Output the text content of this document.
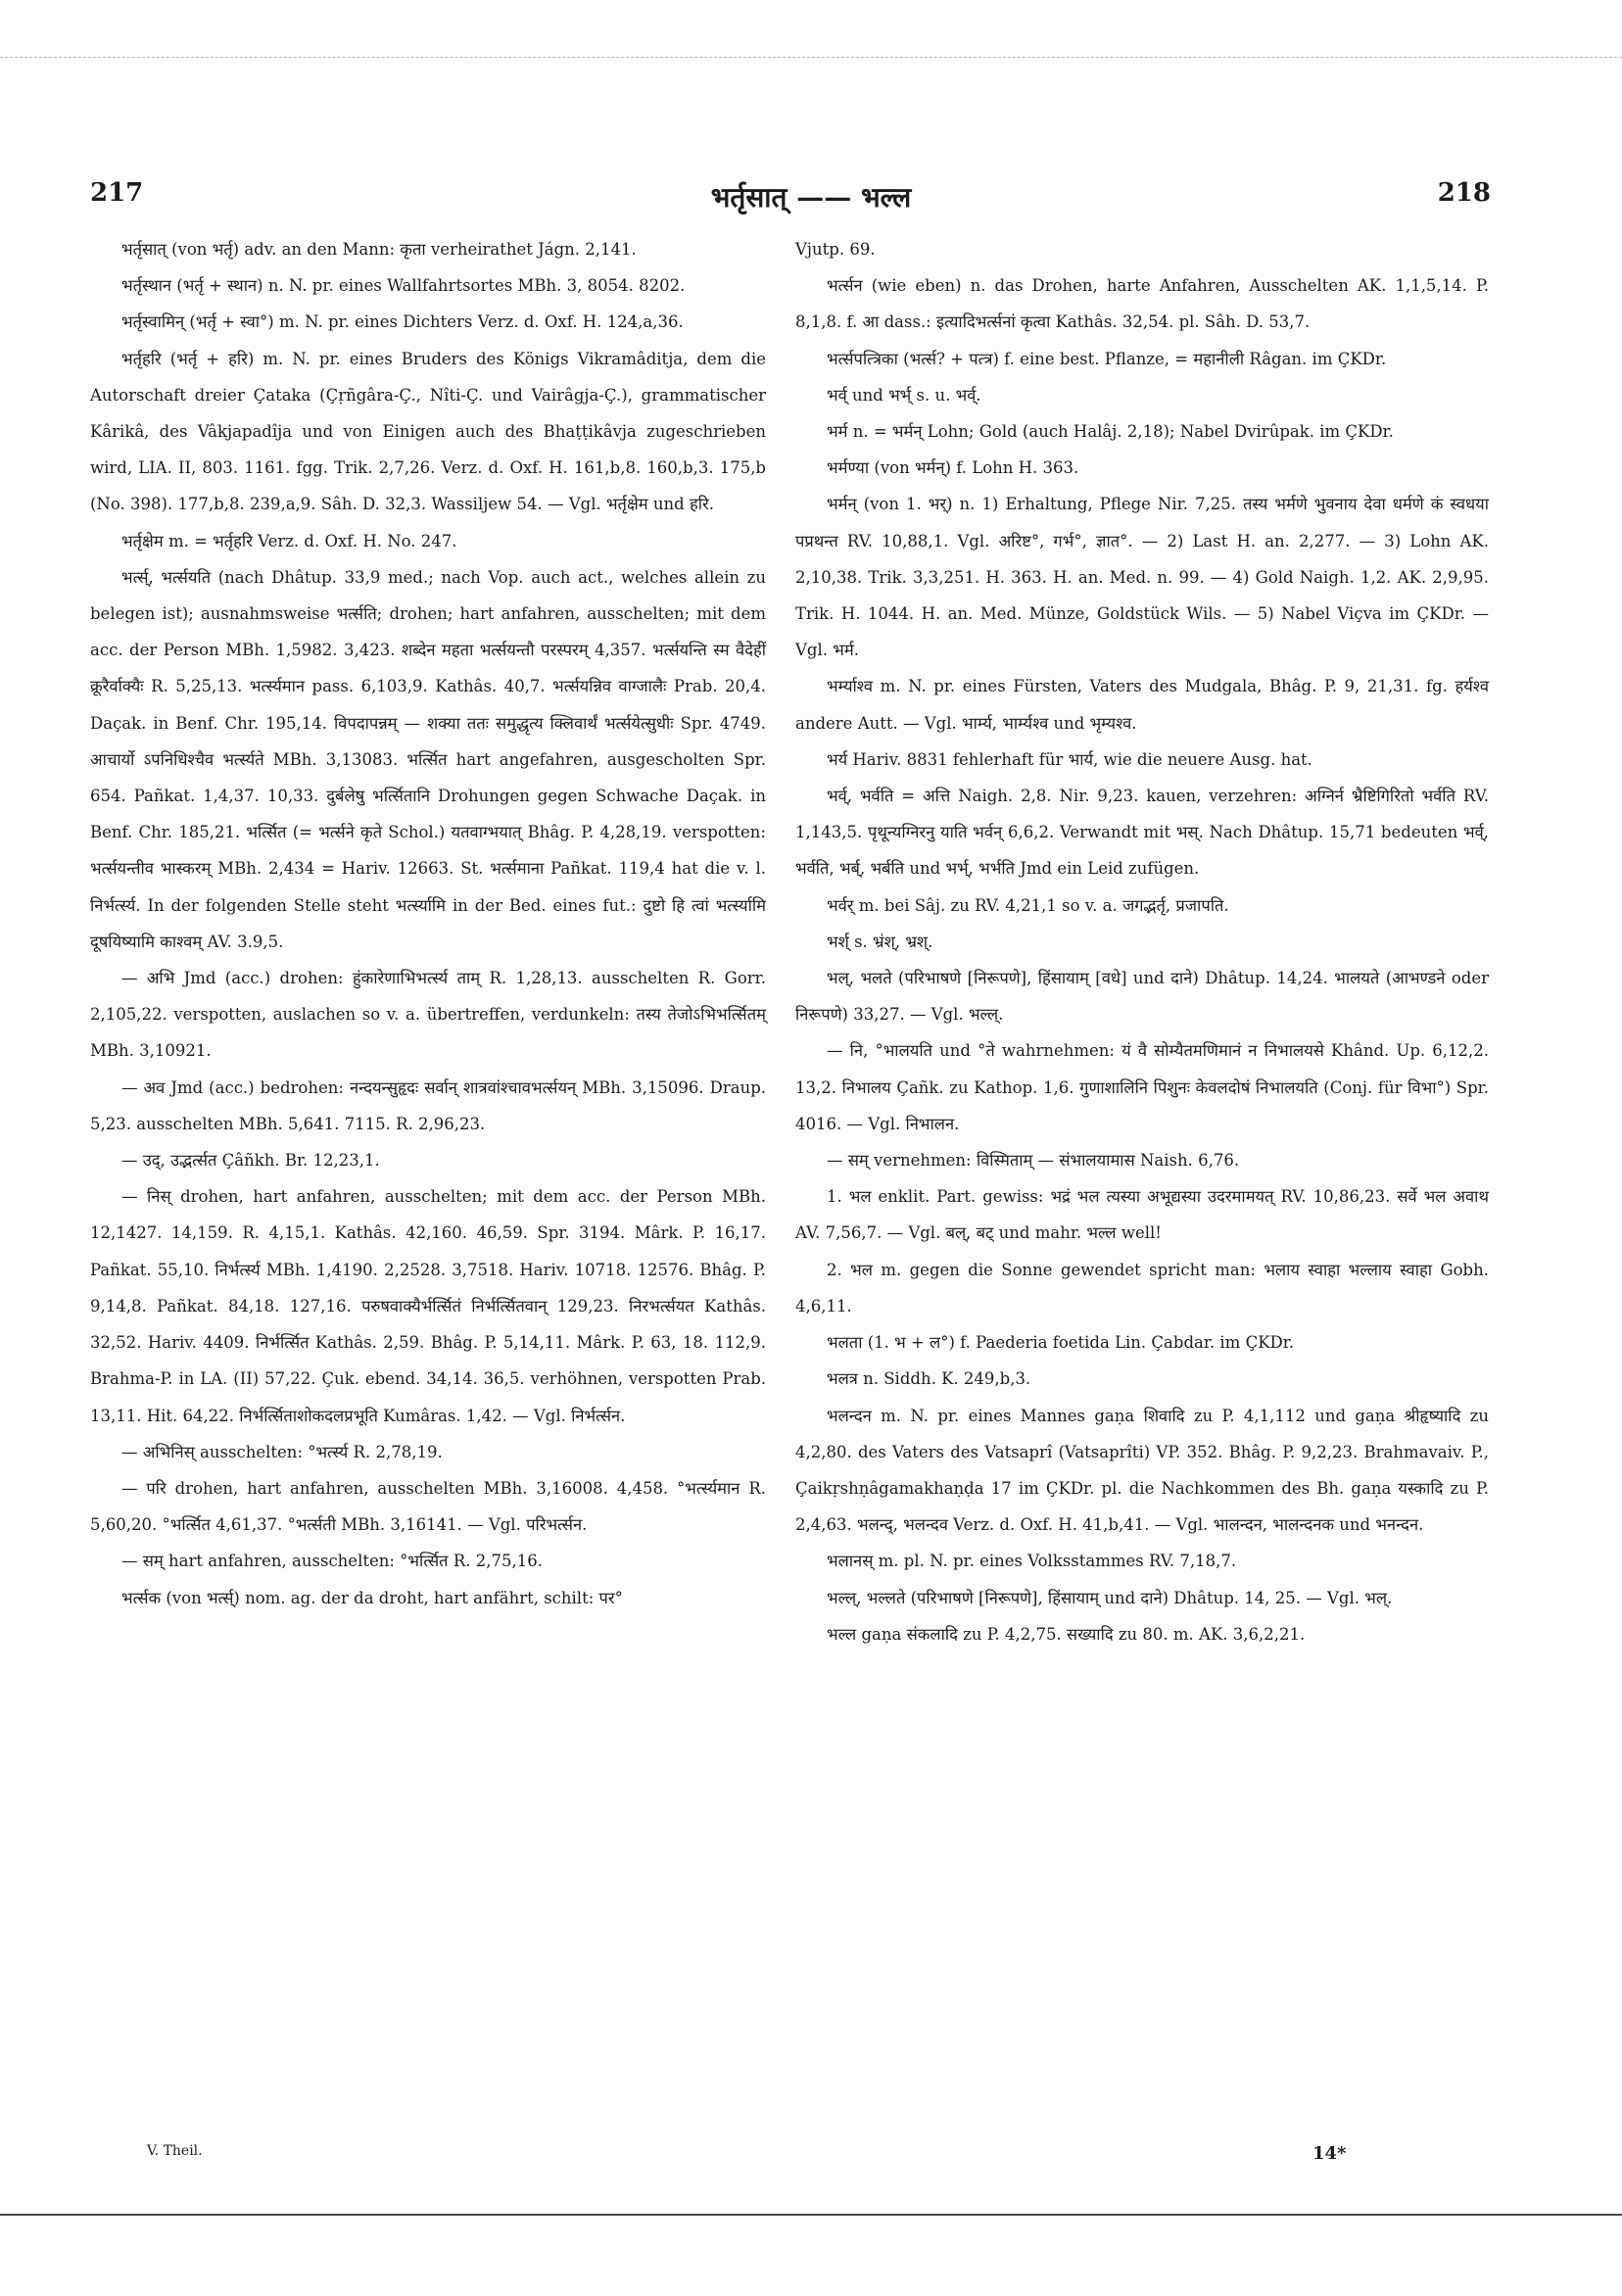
217	भर्तृसात् —— भल्ल	218

भर्तृसात् (von भर्तृ) adv. an den Mann: कृता verheirathet Jágn. 2,141.

भर्तृस्थान (भर्तृ + स्थान) n. N. pr. eines Wallfahrtsortes MBh. 3, 8054. 8202.

भर्तृस्वामिन् (भर्तृ + स्वा°) m. N. pr. eines Dichters Verz. d. Oxf. H. 124,a,36.

भर्तृहरि (भर्तृ + हरि) m. N. pr. eines Bruders des Königs Vikramâditja, dem die Autorschaft dreier Çataka (Çṛñgâra-Ç., Nîti-Ç. und Vairâgja-Ç.), grammatischer Kârikâ, des Vâkjapadîja und von Einigen auch des Bhaṭṭikâvja zugeschrieben wird, LIA. II, 803. 1161. fgg. Trik. 2,7,26. Verz. d. Oxf. H. 161,b,8. 160,b,3. 175,b (No. 398). 177,b,8. 239,a,9. Sâh. D. 32,3. Wassiljew 54. — Vgl. भर्तृक्षेम und हरि.

भर्तृक्षेम m. = भर्तृहरि Verz. d. Oxf. H. No. 247.

भर्त्स्, भर्त्सयति (nach Dhâtup. 33,9 med.; nach Vop. auch act., welches allein zu belegen ist); ausnahmsweise भर्त्सति; drohen; hart anfahren, ausschelten; mit dem acc. der Person MBh. 1,5982. 3,423. शब्देन महता भर्त्सयन्तौ परस्परम् 4,357. भर्त्सयन्ति स्म वैदेहीं क्रूरैर्वाक्यैः R. 5,25,13. भर्त्स्यमान pass. 6,103,9. Kathâs. 40,7. भर्त्सयन्निव वाग्जालैः Prab. 20,4. Daçak. in Benf. Chr. 195,14. विपदापन्नम् — शक्या ततः समुद्धृत्य क्लिवार्थं भर्त्सयेत्सुधीः Spr. 4749. आचार्यो ऽपनिधिश्चैव भर्त्स्यते MBh. 3,13083. भर्त्सित hart angefahren, ausgescholten Spr. 654. Pañkat. 1,4,37. 10,33. दुर्बलेषु भर्त्सितानि Drohungen gegen Schwache Daçak. in Benf. Chr. 185,21. भर्त्सित (= भर्त्सने कृते Schol.) यतवाग्भयात् Bhâg. P. 4,28,19. verspotten: भर्त्सयन्तीव भास्करम् MBh. 2,434 = Hariv. 12663. St. भर्त्समाना Pañkat. 119,4 hat die v. l. निर्भर्त्स्य. In der folgenden Stelle steht भर्त्स्यामि in der Bed. eines fut.: दुष्टो हि त्वां भर्त्स्यामि दूषयिष्यामि काश्वम् AV. 3.9,5.

— अभि Jmd (acc.) drohen: हुंकारेणाभिभर्त्स्य ताम् R. 1,28,13. ausschelten R. Gorr. 2,105,22. verspotten, auslachen so v. a. übertreffen, verdunkeln: तस्य तेजोऽभिभर्त्सितम् MBh. 3,10921.

— अव Jmd (acc.) bedrohen: नन्दयन्सुहृदः सर्वान् शात्रवांश्चावभर्त्सयन् MBh. 3,15096. Draup. 5,23. ausschelten MBh. 5,641. 7115. R. 2,96,23.

— उद्, उद्भर्त्सत Çâñkh. Br. 12,23,1.

— निस् drohen, hart anfahren, ausschelten; mit dem acc. der Person MBh. 12,1427. 14,159. R. 4,15,1. Kathâs. 42,160. 46,59. Spr. 3194. Mârk. P. 16,17. Pañkat. 55,10. निर्भर्त्स्य MBh. 1,4190. 2,2528. 3,7518. Hariv. 10718. 12576. Bhâg. P. 9,14,8. Pañkat. 84,18. 127,16. परुषवाक्यैर्भर्त्सितं निर्भर्त्सितवान् 129,23. निरभर्त्सयत Kathâs. 32,52. Hariv. 4409. निर्भर्त्सित Kathâs. 2,59. Bhâg. P. 5,14,11. Mârk. P. 63, 18. 112,9. Brahma-P. in LA. (II) 57,22. Çuk. ebend. 34,14. 36,5. verhöhnen, verspotten Prab. 13,11. Hit. 64,22. निर्भर्त्सिताशोकदलप्रभूति Kumâras. 1,42. — Vgl. निर्भर्त्सन.

— अभिनिस् ausschelten: °भर्त्स्य R. 2,78,19.

— परि drohen, hart anfahren, ausschelten MBh. 3,16008. 4,458. °भर्त्स्यमान R. 5,60,20. °भर्त्सित 4,61,37. °भर्त्सती MBh. 3,16141. — Vgl. परिभर्त्सन.

— सम् hart anfahren, ausschelten: °भर्त्सित R. 2,75,16.

भर्त्सक (von भर्त्स्) nom. ag. der da droht, hart anfährt, schilt: पर°

Vjutp. 69.

भर्त्सन (wie eben) n. das Drohen, harte Anfahren, Ausschelten AK. 1,1,5,14. P. 8,1,8. f. आ dass.: इत्यादिभर्त्सनां कृत्वा Kathâs. 32,54. pl. Sâh. D. 53,7.

भर्त्सपत्त्रिका (भर्त्स? + पत्त्र) f. eine best. Pflanze, = महानीली Râgan. im ÇKDr.

भर्व् und भर्भ् s. u. भर्व्.

भर्म n. = भर्मन् Lohn; Gold (auch Halâj. 2,18); Nabel Dvirûpak. im ÇKDr.

भर्मण्या (von भर्मन्) f. Lohn H. 363.

भर्मन् (von 1. भर्) n. 1) Erhaltung, Pflege Nir. 7,25. तस्य भर्मणे भुवनाय देवा धर्मणे कं स्वधया पप्रथन्त RV. 10,88,1. Vgl. अरिष्ट°, गर्भ°, ज्ञात°. — 2) Last H. an. 2,277. — 3) Lohn AK. 2,10,38. Trik. 3,3,251. H. 363. H. an. Med. n. 99. — 4) Gold Naigh. 1,2. AK. 2,9,95. Trik. H. 1044. H. an. Med. Münze, Goldstück Wils. — 5) Nabel Viçva im ÇKDr. — Vgl. भर्म.

भर्म्याश्व m. N. pr. eines Fürsten, Vaters des Mudgala, Bhâg. P. 9, 21,31. fg. हर्यश्व andere Autt. — Vgl. भार्म्य, भार्म्यश्व und भृम्यश्व.

भर्य Hariv. 8831 fehlerhaft für भार्य, wie die neuere Ausg. hat.

भर्व्, भर्वति = अत्ति Naigh. 2,8. Nir. 9,23. kauen, verzehren: अग्निर्न भ्रैष्टिगिरितो भर्वति RV. 1,143,5. पृथून्यग्निरनु याति भर्वन् 6,6,2. Verwandt mit भस्. Nach Dhâtup. 15,71 bedeuten भर्व्, भर्वति, भर्ब्, भर्बति und भर्भ्, भर्भति Jmd ein Leid zufügen.

भर्वर् m. bei Sâj. zu RV. 4,21,1 so v. a. जगद्भर्तृ, प्रजापति.

भर्श् s. भ्रंश्, भ्रश्.

भल्, भलते (परिभाषणे [निरूपणे], हिंसायाम् [वधे] und दाने) Dhâtup. 14,24. भालयते (आभण्डने oder निरूपणे) 33,27. — Vgl. भल्ल्.

— नि, °भालयति und °ते wahrnehmen: यं वै सोम्यैतमणिमानं न निभालयसे Khând. Up. 6,12,2. 13,2. निभालय Çañk. zu Kathop. 1,6. गुणाशालिनि पिशुनः केवलदोषं निभालयति (Conj. für विभा°) Spr. 4016. — Vgl. निभालन.

— सम् vernehmen: विस्मिताम् — संभालयामास Naish. 6,76.

1. भल enklit. Part. gewiss: भद्रं भल त्यस्या अभूद्यस्या उदरमामयत् RV. 10,86,23. सर्वे भल अवाथ AV. 7,56,7. — Vgl. बल्, बट् und mahr. भल्ल well!

2. भल m. gegen die Sonne gewendet spricht man: भलाय स्वाहा भल्लाय स्वाहा Gobh. 4,6,11.

भलता (1. भ + ल°) f. Paederia foetida Lin. Çabdar. im ÇKDr.

भलत्र n. Siddh. K. 249,b,3.

भलन्दन m. N. pr. eines Mannes gaṇa शिवादि zu P. 4,1,112 und gaṇa श्रीहृष्यादि zu 4,2,80. des Vaters des Vatsaprî (Vatsaprîti) VP. 352. Bhâg. P. 9,2,23. Brahmavaiv. P., Çaikṛshṇâgamakhaṇḍa 17 im ÇKDr. pl. die Nachkommen des Bh. gaṇa यस्कादि zu P. 2,4,63. भलन्द्, भलन्दव Verz. d. Oxf. H. 41,b,41. — Vgl. भालन्दन, भालन्दनक und भनन्दन.

भलानस् m. pl. N. pr. eines Volksstammes RV. 7,18,7.

भल्ल्, भल्लते (परिभाषणे [निरूपणे], हिंसायाम् und दाने) Dhâtup. 14, 25. — Vgl. भल्.

भल्ल gaṇa संकलादि zu P. 4,2,75. सख्यादि zu 80. m. AK. 3,6,2,21.

V. Theil.	14*
